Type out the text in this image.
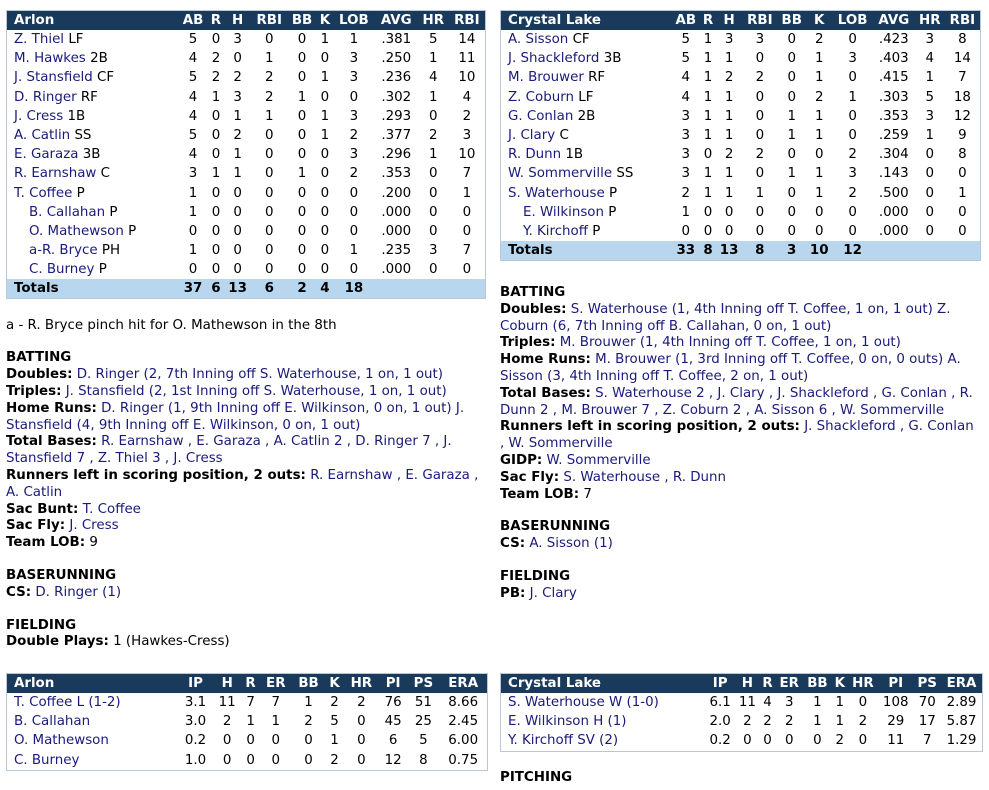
Arlon	AB	R	H	RBI	BB	K	LOB	AVG	HR	RBI
Z. Thiel LF	5	0	3	0	0	1	1	.381	5	14
M. Hawkes 2B	4	2	0	1	0	0	3	.250	1	11
J. Stansfield CF	5	2	2	2	0	1	3	.236	4	10
D. Ringer RF	4	1	3	2	1	0	0	.302	1	4
J. Cress 1B	4	0	1	1	0	1	3	.293	0	2
A. Catlin SS	5	0	2	0	0	1	2	.377	2	3
E. Garaza 3B	4	0	1	0	0	0	3	.296	1	10
R. Earnshaw C	3	1	1	0	1	0	2	.353	0	7
T. Coffee P	1	0	0	0	0	0	0	.200	0	1
B. Callahan P	1	0	0	0	0	0	0	.000	0	0
O. Mathewson P	0	0	0	0	0	0	0	.000	0	0
a-R. Bryce PH	1	0	0	0	0	0	1	.235	3	7
C. Burney P	0	0	0	0	0	0	0	.000	0	0
Totals	37	6	13	6	2	4	18			
a - R. Bryce pinch hit for O. Mathewson in the 8th
BATTING

Doubles: D. Ringer (2, 7th Inning off S. Waterhouse, 1 on, 1 out)

Triples: J. Stansfield (2, 1st Inning off S. Waterhouse, 1 on, 1 out)

Home Runs: D. Ringer (1, 9th Inning off E. Wilkinson, 0 on, 1 out) J. Stansfield (4, 9th Inning off E. Wilkinson, 0 on, 1 out)

Total Bases: R. Earnshaw , E. Garaza , A. Catlin 2 , D. Ringer 7 , J. Stansfield 7 , Z. Thiel 3 , J. Cress

Runners left in scoring position, 2 outs: R. Earnshaw , E. Garaza , A. Catlin

Sac Bunt: T. Coffee

Sac Fly: J. Cress

Team LOB: 9

BASERUNNING

CS: D. Ringer (1)

FIELDING

Double Plays: 1 (Hawkes-Cress)

Crystal Lake	AB	R	H	RBI	BB	K	LOB	AVG	HR	RBI
A. Sisson CF	5	1	3	3	0	2	0	.423	3	8
J. Shackleford 3B	5	1	1	0	0	1	3	.403	4	14
M. Brouwer RF	4	1	2	2	0	1	0	.415	1	7
Z. Coburn LF	4	1	1	0	0	2	1	.303	5	18
G. Conlan 2B	3	1	1	0	1	1	0	.353	3	12
J. Clary C	3	1	1	0	1	1	0	.259	1	9
R. Dunn 1B	3	0	2	2	0	0	2	.304	0	8
W. Sommerville SS	3	1	1	0	1	1	3	.143	0	0
S. Waterhouse P	2	1	1	1	0	1	2	.500	0	1
E. Wilkinson P	1	0	0	0	0	0	0	.000	0	0
Y. Kirchoff P	0	0	0	0	0	0	0	.000	0	0
Totals	33	8	13	8	3	10	12			
BATTING

Doubles: S. Waterhouse (1, 4th Inning off T. Coffee, 1 on, 1 out) Z. Coburn (6, 7th Inning off B. Callahan, 0 on, 1 out)

Triples: M. Brouwer (1, 4th Inning off T. Coffee, 1 on, 1 out)

Home Runs: M. Brouwer (1, 3rd Inning off T. Coffee, 0 on, 0 outs) A. Sisson (3, 4th Inning off T. Coffee, 2 on, 1 out)

Total Bases: S. Waterhouse 2 , J. Clary , J. Shackleford , G. Conlan , R. Dunn 2 , M. Brouwer 7 , Z. Coburn 2 , A. Sisson 6 , W. Sommerville

Runners left in scoring position, 2 outs: J. Shackleford , G. Conlan , W. Sommerville

GIDP: W. Sommerville

Sac Fly: S. Waterhouse , R. Dunn

Team LOB: 7

BASERUNNING

CS: A. Sisson (1)

FIELDING

PB: J. Clary

Arlon	IP	H	R	ER	BB	K	HR	PI	PS	ERA
T. Coffee L (1-2)	3.1	11	7	7	1	2	2	76	51	8.66
B. Callahan	3.0	2	1	1	2	5	0	45	25	2.45
O. Mathewson	0.2	0	0	0	0	1	0	6	5	6.00
C. Burney	1.0	0	0	0	0	2	0	12	8	0.75
Crystal Lake	IP	H	R	ER	BB	K	HR	PI	PS	ERA
S. Waterhouse W (1-0)	6.1	11	4	3	1	1	0	108	70	2.89
E. Wilkinson H (1)	2.0	2	2	2	1	1	2	29	17	5.87
Y. Kirchoff SV (2)	0.2	0	0	0	0	2	0	11	7	1.29
PITCHING
